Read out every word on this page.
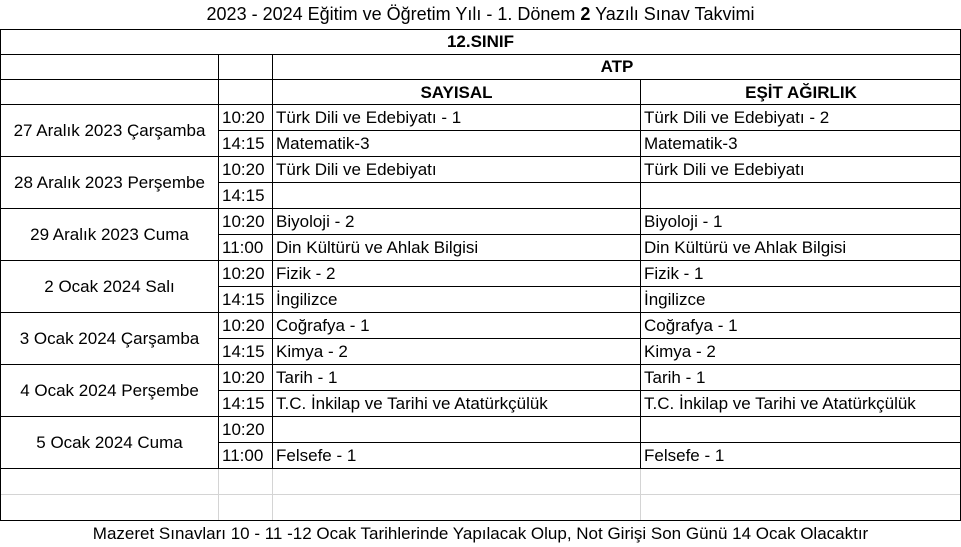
2023 - 2024 Eğitim ve Öğretim Yılı - 1. Dönem 2 Yazılı Sınav Takvimi
12.SINIF
ATP
SAYISAL	EŞİT AĞIRLIK
27 Aralık 2023 Çarşamba
10:20 Türk Dili ve Edebiyatı - 1	Türk Dili ve Edebiyatı - 2
14:15 Matematik-3	Matematik-3
28 Aralık 2023 Perşembe
10:20 Türk Dili ve Edebiyatı	Türk Dili ve Edebiyatı
14:15
29 Aralık 2023 Cuma
10:20 Biyoloji - 2	Biyoloji - 1
11:00 Din Kültürü ve Ahlak Bilgisi	Din Kültürü ve Ahlak Bilgisi
2 Ocak 2024 Salı
10:20 Fizik - 2	Fizik - 1
14:15 İngilizce	İngilizce
3 Ocak 2024 Çarşamba
10:20 Coğrafya - 1	Coğrafya - 1
14:15 Kimya - 2	Kimya - 2
4 Ocak 2024 Perşembe
10:20 Tarih - 1	Tarih - 1
14:15 T.C. İnkilap ve Tarihi ve Atatürkçülük	T.C. İnkilap ve Tarihi ve Atatürkçülük
5 Ocak 2024 Cuma
10:20
11:00 Felsefe - 1	Felsefe - 1
Mazeret Sınavları 10 - 11 -12 Ocak Tarihlerinde Yapılacak Olup, Not Girişi Son Günü 14 Ocak Olacaktır
